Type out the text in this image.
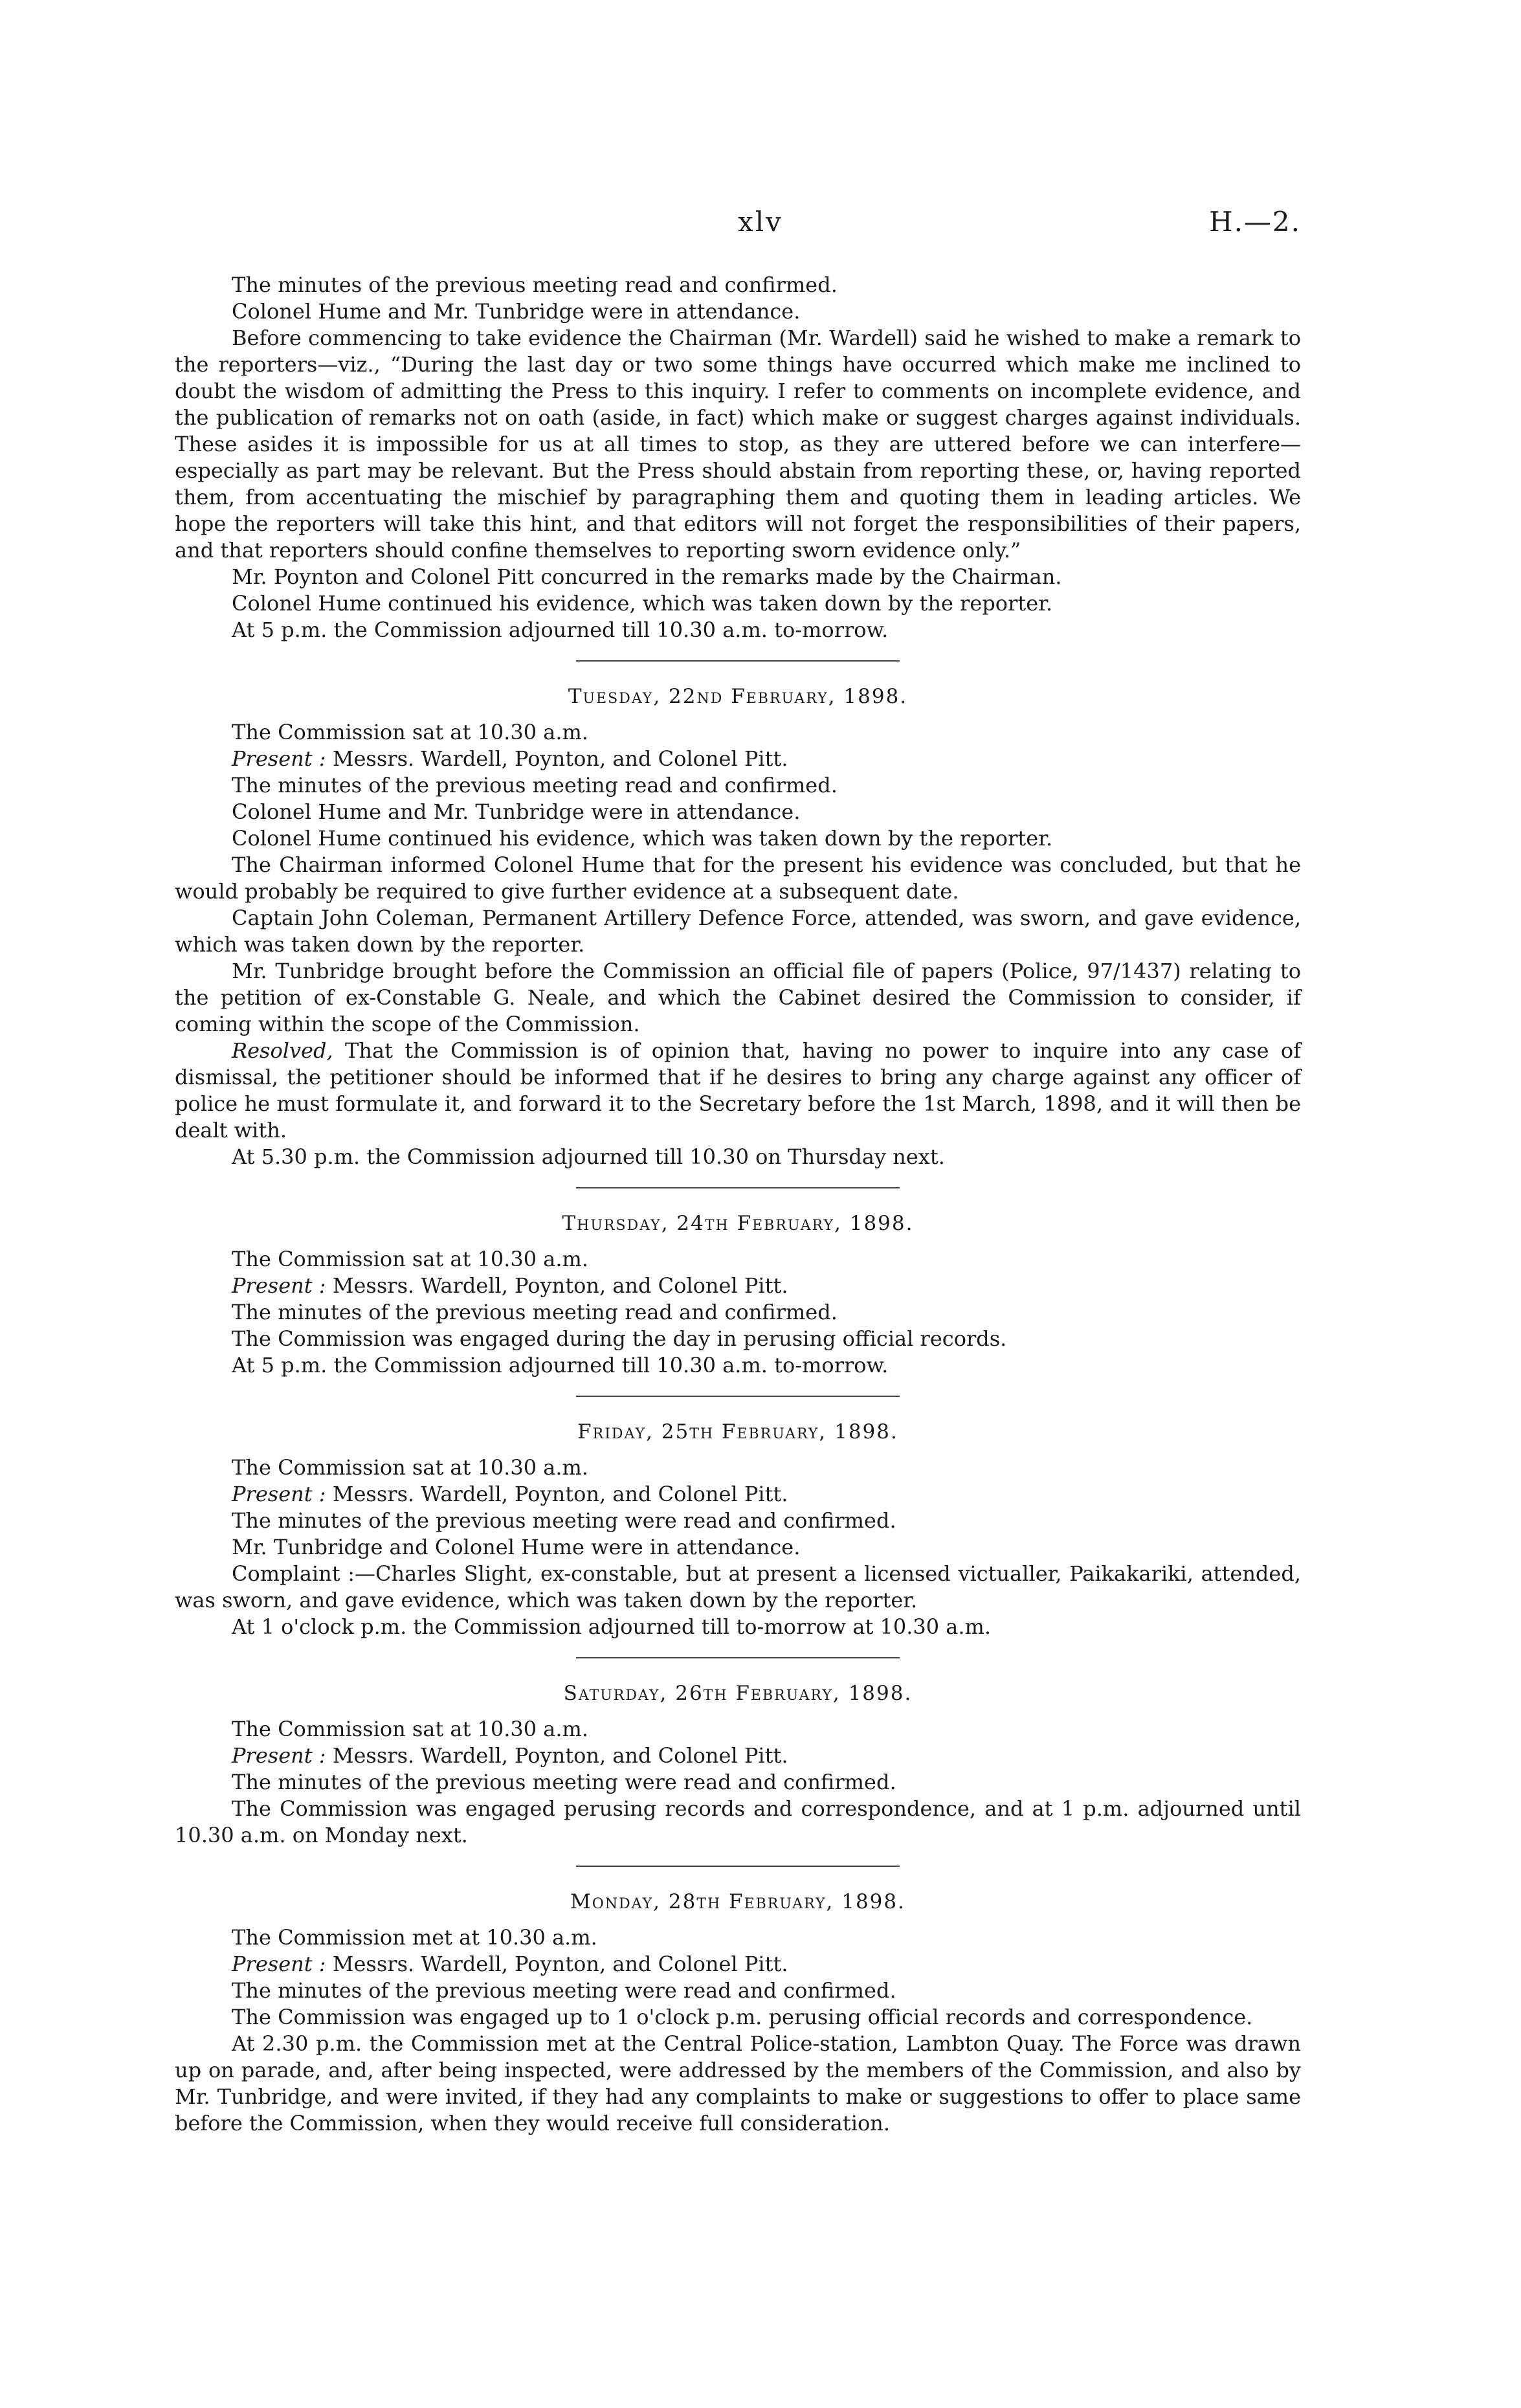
xlv	H.—2.

The minutes of the previous meeting read and confirmed.

Colonel Hume and Mr. Tunbridge were in attendance.

Before commencing to take evidence the Chairman (Mr. Wardell) said he wished to make a remark to the reporters—viz., “During the last day or two some things have occurred which make me inclined to doubt the wisdom of admitting the Press to this inquiry. I refer to comments on incomplete evidence, and the publication of remarks not on oath (aside, in fact) which make or suggest charges against individuals. These asides it is impossible for us at all times to stop, as they are uttered before we can interfere—especially as part may be relevant. But the Press should abstain from reporting these, or, having reported them, from accentuating the mischief by paragraphing them and quoting them in leading articles. We hope the reporters will take this hint, and that editors will not forget the responsibilities of their papers, and that reporters should confine themselves to reporting sworn evidence only.”

Mr. Poynton and Colonel Pitt concurred in the remarks made by the Chairman.

Colonel Hume continued his evidence, which was taken down by the reporter.

At 5 p.m. the Commission adjourned till 10.30 a.m. to-morrow.

Tuesday, 22nd February, 1898.

The Commission sat at 10.30 a.m.

Present : Messrs. Wardell, Poynton, and Colonel Pitt.

The minutes of the previous meeting read and confirmed.

Colonel Hume and Mr. Tunbridge were in attendance.

Colonel Hume continued his evidence, which was taken down by the reporter.

The Chairman informed Colonel Hume that for the present his evidence was concluded, but that he would probably be required to give further evidence at a subsequent date.

Captain John Coleman, Permanent Artillery Defence Force, attended, was sworn, and gave evidence, which was taken down by the reporter.

Mr. Tunbridge brought before the Commission an official file of papers (Police, 97/1437) relating to the petition of ex-Constable G. Neale, and which the Cabinet desired the Commission to consider, if coming within the scope of the Commission.

Resolved, That the Commission is of opinion that, having no power to inquire into any case of dismissal, the petitioner should be informed that if he desires to bring any charge against any officer of police he must formulate it, and forward it to the Secretary before the 1st March, 1898, and it will then be dealt with.

At 5.30 p.m. the Commission adjourned till 10.30 on Thursday next.

Thursday, 24th February, 1898.

The Commission sat at 10.30 a.m.

Present : Messrs. Wardell, Poynton, and Colonel Pitt.

The minutes of the previous meeting read and confirmed.

The Commission was engaged during the day in perusing official records.

At 5 p.m. the Commission adjourned till 10.30 a.m. to-morrow.

Friday, 25th February, 1898.

The Commission sat at 10.30 a.m.

Present : Messrs. Wardell, Poynton, and Colonel Pitt.

The minutes of the previous meeting were read and confirmed.

Mr. Tunbridge and Colonel Hume were in attendance.

Complaint :—Charles Slight, ex-constable, but at present a licensed victualler, Paikakariki, attended, was sworn, and gave evidence, which was taken down by the reporter.

At 1 o'clock p.m. the Commission adjourned till to-morrow at 10.30 a.m.

Saturday, 26th February, 1898.

The Commission sat at 10.30 a.m.

Present : Messrs. Wardell, Poynton, and Colonel Pitt.

The minutes of the previous meeting were read and confirmed.

The Commission was engaged perusing records and correspondence, and at 1 p.m. adjourned until 10.30 a.m. on Monday next.

Monday, 28th February, 1898.

The Commission met at 10.30 a.m.

Present : Messrs. Wardell, Poynton, and Colonel Pitt.

The minutes of the previous meeting were read and confirmed.

The Commission was engaged up to 1 o'clock p.m. perusing official records and correspondence.

At 2.30 p.m. the Commission met at the Central Police-station, Lambton Quay. The Force was drawn up on parade, and, after being inspected, were addressed by the members of the Commission, and also by Mr. Tunbridge, and were invited, if they had any complaints to make or suggestions to offer to place same before the Commission, when they would receive full consideration.
